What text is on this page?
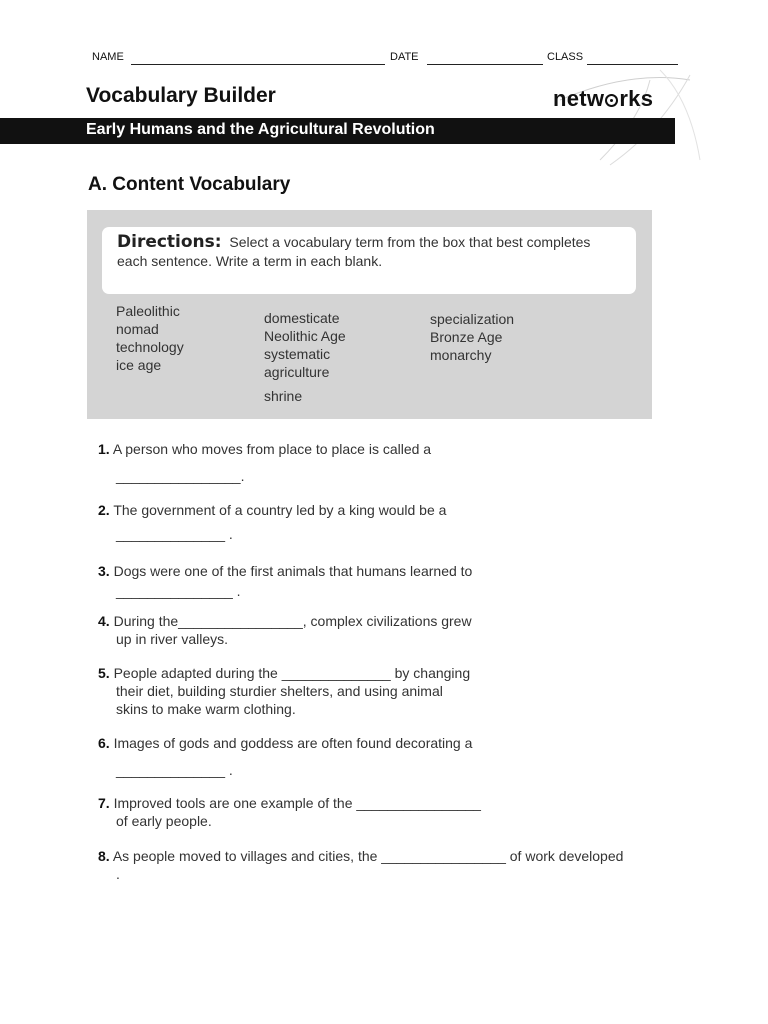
NAME	DATE	CLASS
Vocabulary Builder	netw rks
Early Humans and the Agricultural Revolution
A. Content Vocabulary
Directions: Select a vocabulary term from the box that best completes each sentence. Write a term in each blank.
Paleolithic
nomad
technology
ice age
domesticate
Neolithic Age
systematic
agriculture
shrine
specialization
Bronze Age
monarchy
1. A person who moves from place to place is called a
________________.
2. The government of a country led by a king would be a
______________ .
3. Dogs were one of the first animals that humans learned to
_______________ .
4. During the________________, complex civilizations grew
up in river valleys.
5. People adapted during the ______________ by changing
their diet, building sturdier shelters, and using animal
skins to make warm clothing.
6. Images of gods and goddess are often found decorating a
______________ .
7. Improved tools are one example of the ________________
of early people.
8. As people moved to villages and cities, the ________________ of work developed
.
